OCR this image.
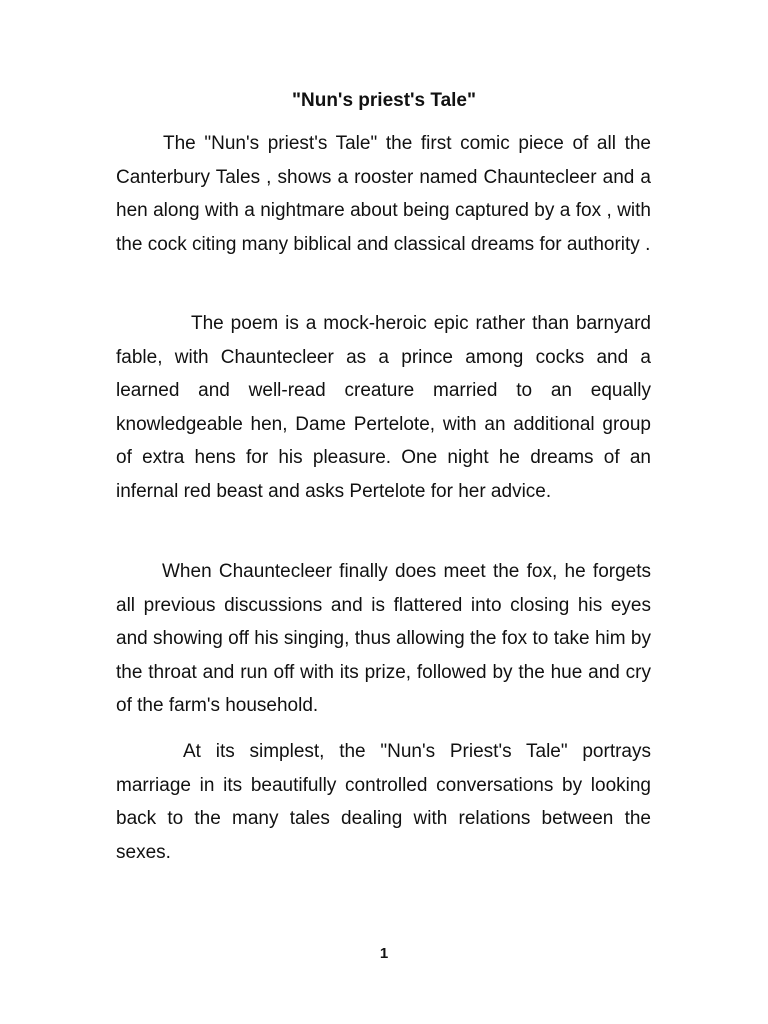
"Nun's priest's Tale"

The "Nun's priest's Tale" the first comic piece of all the Canterbury Tales , shows a rooster named Chauntecleer and a hen along with a nightmare about being captured by a fox , with the cock citing many biblical and classical dreams for authority .

The poem is a mock-heroic epic rather than barnyard fable, with Chauntecleer as a prince among cocks and a learned and well-read creature married to an equally knowledgeable hen, Dame Pertelote, with an additional group of extra hens for his pleasure. One night he dreams of an infernal red beast and asks Pertelote for her advice.

When Chauntecleer finally does meet the fox, he forgets all previous discussions and is flattered into closing his eyes and showing off his singing, thus allowing the fox to take him by the throat and run off with its prize, followed by the hue and cry of the farm's household.

At its simplest, the "Nun's Priest's Tale" portrays marriage in its beautifully controlled conversations by looking back to the many tales dealing with relations between the sexes.

1
